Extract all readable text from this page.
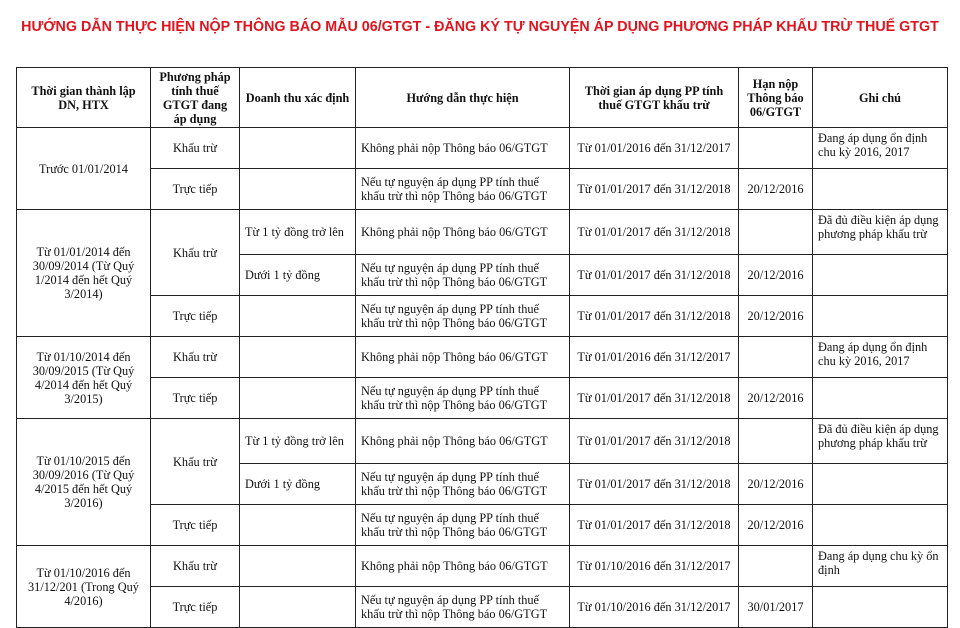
HƯỚNG DẪN THỰC HIỆN NỘP THÔNG BÁO MẪU 06/GTGT - ĐĂNG KÝ TỰ NGUYỆN ÁP DỤNG PHƯƠNG PHÁP KHẤU TRỪ THUẾ GTGT
Thời gian thành lập DN, HTX	Phương pháp tính thuế GTGT đang áp dụng	Doanh thu xác định	Hướng dẫn thực hiện	Thời gian áp dụng PP tính thuế GTGT khấu trừ	Hạn nộp Thông báo 06/GTGT	Ghi chú
Trước 01/01/2014	Khấu trừ		Không phải nộp Thông báo 06/GTGT	Từ 01/01/2016 đến 31/12/2017		Đang áp dụng ổn định chu kỳ 2016, 2017
	Trực tiếp		Nếu tự nguyện áp dụng PP tính thuế khấu trừ thì nộp Thông báo 06/GTGT	Từ 01/01/2017 đến 31/12/2018	20/12/2016	
Từ 01/01/2014 đến 30/09/2014 (Từ Quý 1/2014 đến hết Quý 3/2014)	Khấu trừ	Từ 1 tỷ đồng trở lên	Không phải nộp Thông báo 06/GTGT	Từ 01/01/2017 đến 31/12/2018		Đã đủ điều kiện áp dụng phương pháp khấu trừ
		Dưới 1 tỷ đồng	Nếu tự nguyện áp dụng PP tính thuế khấu trừ thì nộp Thông báo 06/GTGT	Từ 01/01/2017 đến 31/12/2018	20/12/2016	
	Trực tiếp		Nếu tự nguyện áp dụng PP tính thuế khấu trừ thì nộp Thông báo 06/GTGT	Từ 01/01/2017 đến 31/12/2018	20/12/2016	
Từ 01/10/2014 đến 30/09/2015 (Từ Quý 4/2014 đến hết Quý 3/2015)	Khấu trừ		Không phải nộp Thông báo 06/GTGT	Từ 01/01/2016 đến 31/12/2017		Đang áp dụng ổn định chu kỳ 2016, 2017
	Trực tiếp		Nếu tự nguyện áp dụng PP tính thuế khấu trừ thì nộp Thông báo 06/GTGT	Từ 01/01/2017 đến 31/12/2018	20/12/2016	
Từ 01/10/2015 đến 30/09/2016 (Từ Quý 4/2015 đến hết Quý 3/2016)	Khấu trừ	Từ 1 tỷ đồng trở lên	Không phải nộp Thông báo 06/GTGT	Từ 01/01/2017 đến 31/12/2018		Đã đủ điều kiện áp dụng phương pháp khấu trừ
		Dưới 1 tỷ đồng	Nếu tự nguyện áp dụng PP tính thuế khấu trừ thì nộp Thông báo 06/GTGT	Từ 01/01/2017 đến 31/12/2018	20/12/2016	
	Trực tiếp		Nếu tự nguyện áp dụng PP tính thuế khấu trừ thì nộp Thông báo 06/GTGT	Từ 01/01/2017 đến 31/12/2018	20/12/2016	
Từ 01/10/2016 đến 31/12/201 (Trong Quý 4/2016)	Khấu trừ		Không phải nộp Thông báo 06/GTGT	Từ 01/10/2016 đến 31/12/2017		Đang áp dụng chu kỳ ổn định
	Trực tiếp		Nếu tự nguyện áp dụng PP tính thuế khấu trừ thì nộp Thông báo 06/GTGT	Từ 01/10/2016 đến 31/12/2017	30/01/2017	
